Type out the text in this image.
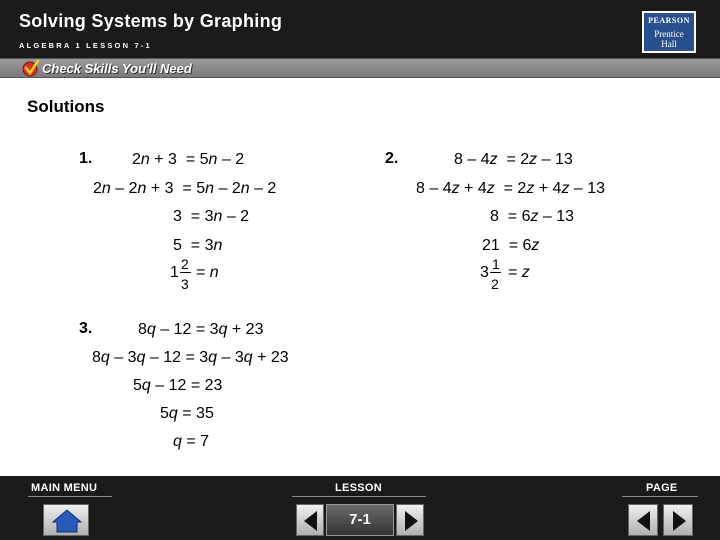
Solving Systems by Graphing
ALGEBRA 1 LESSON 7-1
PEARSON
Prentice
Hall
Check Skills You'll Need
Solutions
1. 2n + 3  = 5n – 2
2n – 2n + 3  = 5n – 2n – 2
3  = 3n – 2
5  = 3n
1 2
3
= n
2.	8 – 4z  = 2z – 13
8 – 4z + 4z  = 2z + 4z – 13
8  = 6z – 13
21  = 6z
3 1
2
= z
3.	8q – 12 = 3q + 23
8q – 3q – 12 = 3q – 3q + 23
5q – 12 = 23
5q = 35
q = 7
MAIN MENU	LESSON	PAGE
7-1
